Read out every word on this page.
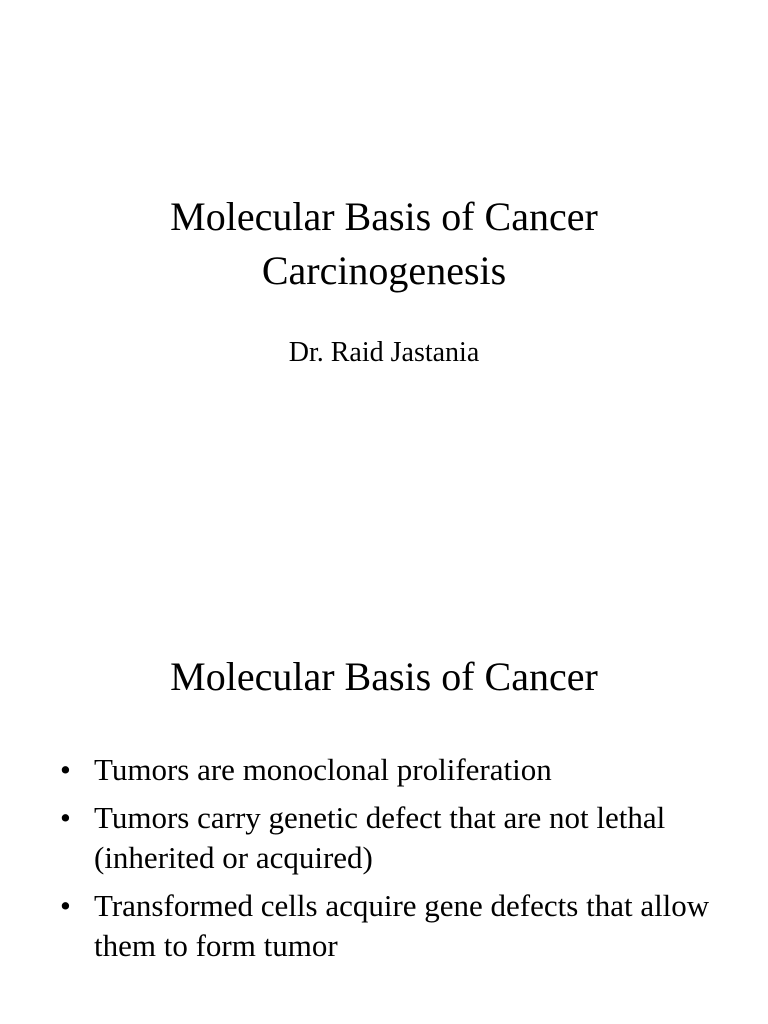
Molecular Basis of Cancer
Carcinogenesis
Dr. Raid Jastania
Molecular Basis of Cancer
• Tumors are monoclonal proliferation
• Tumors carry genetic defect that are not lethal (inherited or acquired)
• Transformed cells acquire gene defects that allow them to form tumor
